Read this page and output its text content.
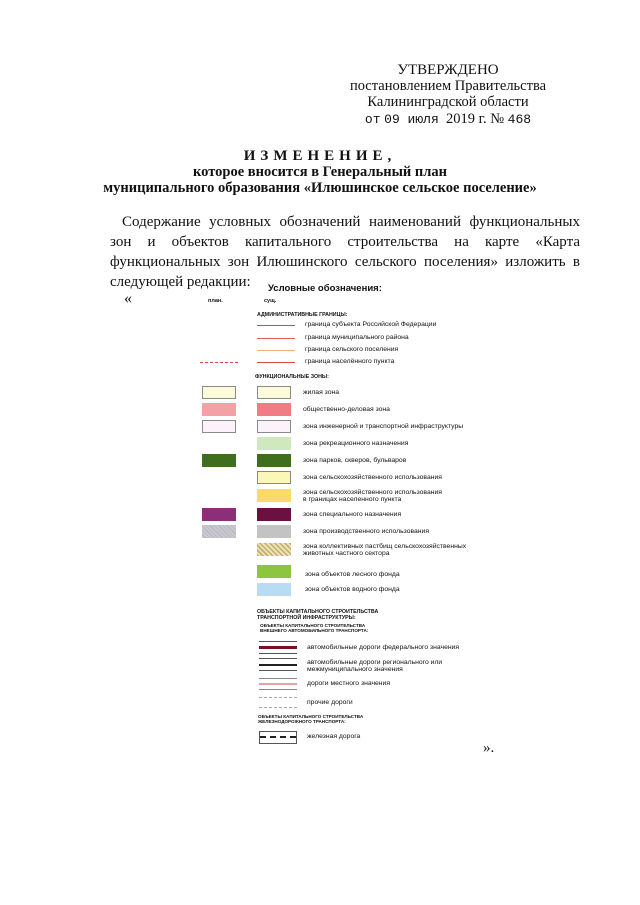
УТВЕРЖДЕНО
постановлением Правительства
Калининградской области
от 09 июля 2019 г. № 468
ИЗМЕНЕНИЕ,
которое вносится в Генеральный план
муниципального образования «Илюшинское сельское поселение»
Содержание условных обозначений наименований функциональных зон и объектов капитального строительства на карте «Карта функциональных зон Илюшинского сельского поселения» изложить в следующей редакции:
«
».
Условные обозначения:
план.	сущ.
АДМИНИСТРАТИВНЫЕ ГРАНИЦЫ:
граница субъекта Российской Федерации
граница муниципального района
граница сельского поселения
граница населённого пункта
ФУНКЦИОНАЛЬНЫЕ ЗОНЫ:
жилая зона
общественно-деловая зона
зона инженерной и транспортной инфраструктуры
зона рекреационного назначения
зона парков, скверов, бульваров
зона сельскохозяйственного использования
зона сельскохозяйственного использования
в границах населенного пункта
зона специального назначения
зона производственного использования
зона коллективных пастбищ сельскохозяйственных
животных частного сектора
зона объектов лесного фонда
зона объектов водного фонда
ОБЪЕКТЫ КАПИТАЛЬНОГО СТРОИТЕЛЬСТВА
ТРАНСПОРТНОЙ ИНФРАСТРУКТУРЫ:
ОБЪЕКТЫ КАПИТАЛЬНОГО СТРОИТЕЛЬСТВА
ВНЕШНЕГО АВТОМОБИЛЬНОГО ТРАНСПОРТА:
автомобильные дороги федерального значения
автомобильные дороги регионального или
межмуниципального значения
дороги местного значения
прочие дороги
ОБЪЕКТЫ КАПИТАЛЬНОГО СТРОИТЕЛЬСТВА
ЖЕЛЕЗНОДОРОЖНОГО ТРАНСПОРТА:
железная дорога
